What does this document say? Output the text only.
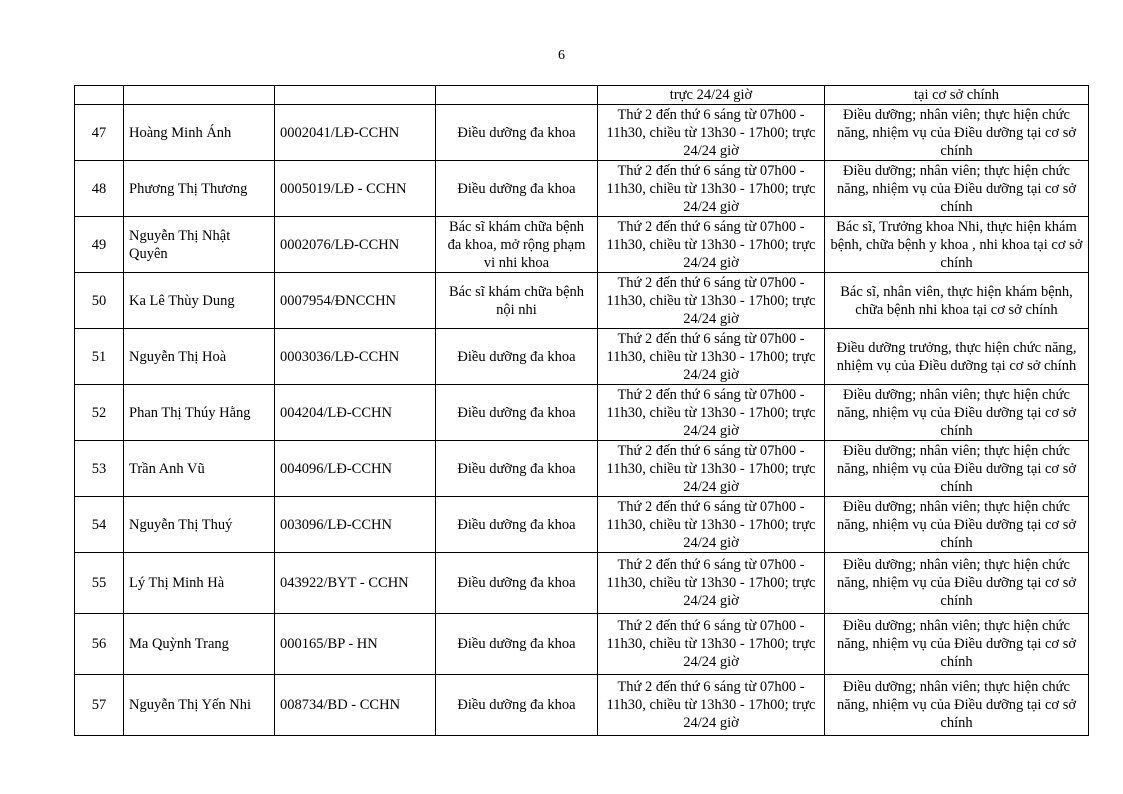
6
				trực 24/24 giờ	tại cơ sở chính
47	Hoàng Minh Ánh	0002041/LĐ-CCHN	Điều dưỡng đa khoa	Thứ 2 đến thứ 6 sáng từ 07h00 - 11h30, chiều từ 13h30 - 17h00; trực 24/24 giờ	Điều dưỡng; nhân viên; thực hiện chức năng, nhiệm vụ của Điều dưỡng tại cơ sở chính
48	Phương Thị Thương	0005019/LĐ - CCHN	Điều dưỡng đa khoa	Thứ 2 đến thứ 6 sáng từ 07h00 - 11h30, chiều từ 13h30 - 17h00; trực 24/24 giờ	Điều dưỡng; nhân viên; thực hiện chức năng, nhiệm vụ của Điều dưỡng tại cơ sở chính
49	Nguyễn Thị Nhật Quyên	0002076/LĐ-CCHN	Bác sĩ khám chữa bệnh đa khoa, mở rộng phạm vi nhi khoa	Thứ 2 đến thứ 6 sáng từ 07h00 - 11h30, chiều từ 13h30 - 17h00; trực 24/24 giờ	Bác sĩ, Trưởng khoa Nhi, thực hiện khám bệnh, chữa bệnh y khoa , nhi khoa tại cơ sở chính
50	Ka Lê Thùy Dung	0007954/ĐNCCHN	Bác sĩ khám chữa bệnh nội nhi	Thứ 2 đến thứ 6 sáng từ 07h00 - 11h30, chiều từ 13h30 - 17h00; trực 24/24 giờ	Bác sĩ, nhân viên, thực hiện khám bệnh, chữa bệnh nhi khoa tại cơ sở chính
51	Nguyễn Thị Hoà	0003036/LĐ-CCHN	Điều dưỡng đa khoa	Thứ 2 đến thứ 6 sáng từ 07h00 - 11h30, chiều từ 13h30 - 17h00; trực 24/24 giờ	Điều dưỡng trưởng, thực hiện chức năng, nhiệm vụ của Điều dưỡng tại cơ sở chính
52	Phan Thị Thúy Hằng	004204/LĐ-CCHN	Điều dưỡng đa khoa	Thứ 2 đến thứ 6 sáng từ 07h00 - 11h30, chiều từ 13h30 - 17h00; trực 24/24 giờ	Điều dưỡng; nhân viên; thực hiện chức năng, nhiệm vụ của Điều dưỡng tại cơ sở chính
53	Trần Anh Vũ	004096/LĐ-CCHN	Điều dưỡng đa khoa	Thứ 2 đến thứ 6 sáng từ 07h00 - 11h30, chiều từ 13h30 - 17h00; trực 24/24 giờ	Điều dưỡng; nhân viên; thực hiện chức năng, nhiệm vụ của Điều dưỡng tại cơ sở chính
54	Nguyễn Thị Thuý	003096/LĐ-CCHN	Điều dưỡng đa khoa	Thứ 2 đến thứ 6 sáng từ 07h00 - 11h30, chiều từ 13h30 - 17h00; trực 24/24 giờ	Điều dưỡng; nhân viên; thực hiện chức năng, nhiệm vụ của Điều dưỡng tại cơ sở chính
55	Lý Thị Minh Hà	043922/BYT - CCHN	Điều dưỡng đa khoa	Thứ 2 đến thứ 6 sáng từ 07h00 - 11h30, chiều từ 13h30 - 17h00; trực 24/24 giờ	Điều dưỡng; nhân viên; thực hiện chức năng, nhiệm vụ của Điều dưỡng tại cơ sở chính
56	Ma Quỳnh Trang	000165/BP - HN	Điều dưỡng đa khoa	Thứ 2 đến thứ 6 sáng từ 07h00 - 11h30, chiều từ 13h30 - 17h00; trực 24/24 giờ	Điều dưỡng; nhân viên; thực hiện chức năng, nhiệm vụ của Điều dưỡng tại cơ sở chính
57	Nguyễn Thị Yến Nhi	008734/BD - CCHN	Điều dưỡng đa khoa	Thứ 2 đến thứ 6 sáng từ 07h00 - 11h30, chiều từ 13h30 - 17h00; trực 24/24 giờ	Điều dưỡng; nhân viên; thực hiện chức năng, nhiệm vụ của Điều dưỡng tại cơ sở chính
